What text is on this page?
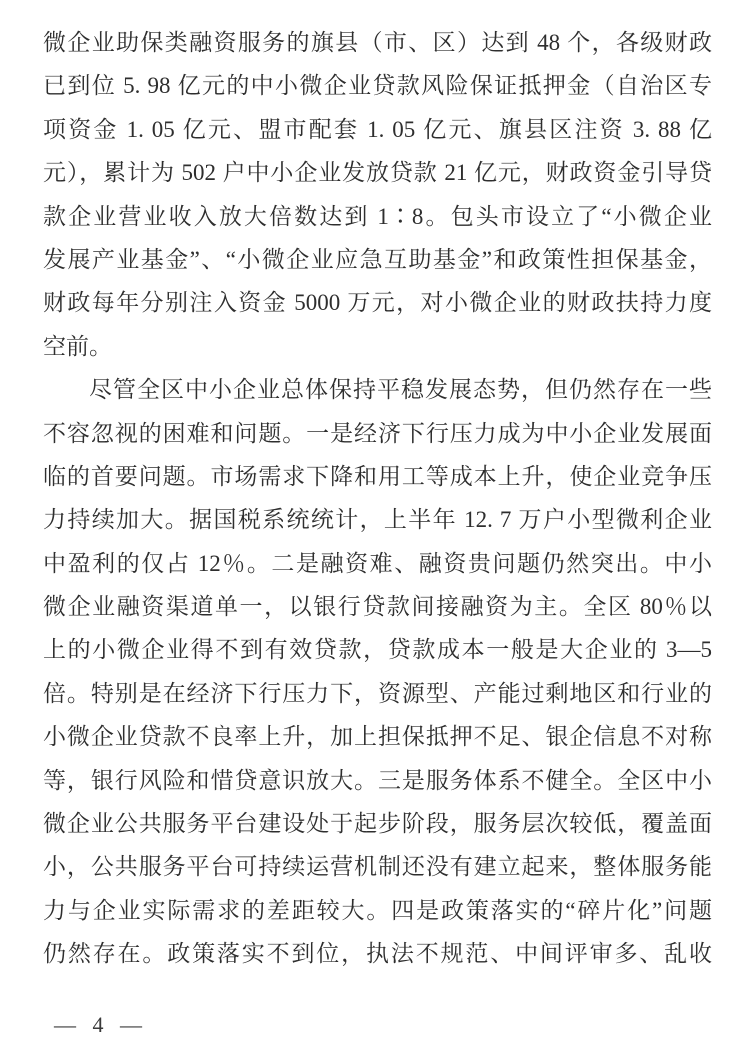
微企业助保类融资服务的旗县（市、区）达到 48 个，各级财政
已到位 5. 98 亿元的中小微企业贷款风险保证抵押金（自治区专
项资金 1. 05 亿元、盟市配套 1. 05 亿元、旗县区注资 3. 88 亿
元），累计为 502 户中小企业发放贷款 21 亿元，财政资金引导贷
款企业营业收入放大倍数达到 1∶8。包头市设立了“小微企业
发展产业基金”、“小微企业应急互助基金”和政策性担保基金，
财政每年分别注入资金 5000 万元，对小微企业的财政扶持力度
空前。
尽管全区中小企业总体保持平稳发展态势，但仍然存在一些
不容忽视的困难和问题。一是经济下行压力成为中小企业发展面
临的首要问题。市场需求下降和用工等成本上升，使企业竞争压
力持续加大。据国税系统统计，上半年 12. 7 万户小型微利企业
中盈利的仅占 12％。二是融资难、融资贵问题仍然突出。中小
微企业融资渠道单一，以银行贷款间接融资为主。全区 80％以
上的小微企业得不到有效贷款，贷款成本一般是大企业的 3—5
倍。特别是在经济下行压力下，资源型、产能过剩地区和行业的
小微企业贷款不良率上升，加上担保抵押不足、银企信息不对称
等，银行风险和惜贷意识放大。三是服务体系不健全。全区中小
微企业公共服务平台建设处于起步阶段，服务层次较低，覆盖面
小，公共服务平台可持续运营机制还没有建立起来，整体服务能
力与企业实际需求的差距较大。四是政策落实的“碎片化”问题
仍然存在。政策落实不到位，执法不规范、中间评审多、乱收
— 4 —
